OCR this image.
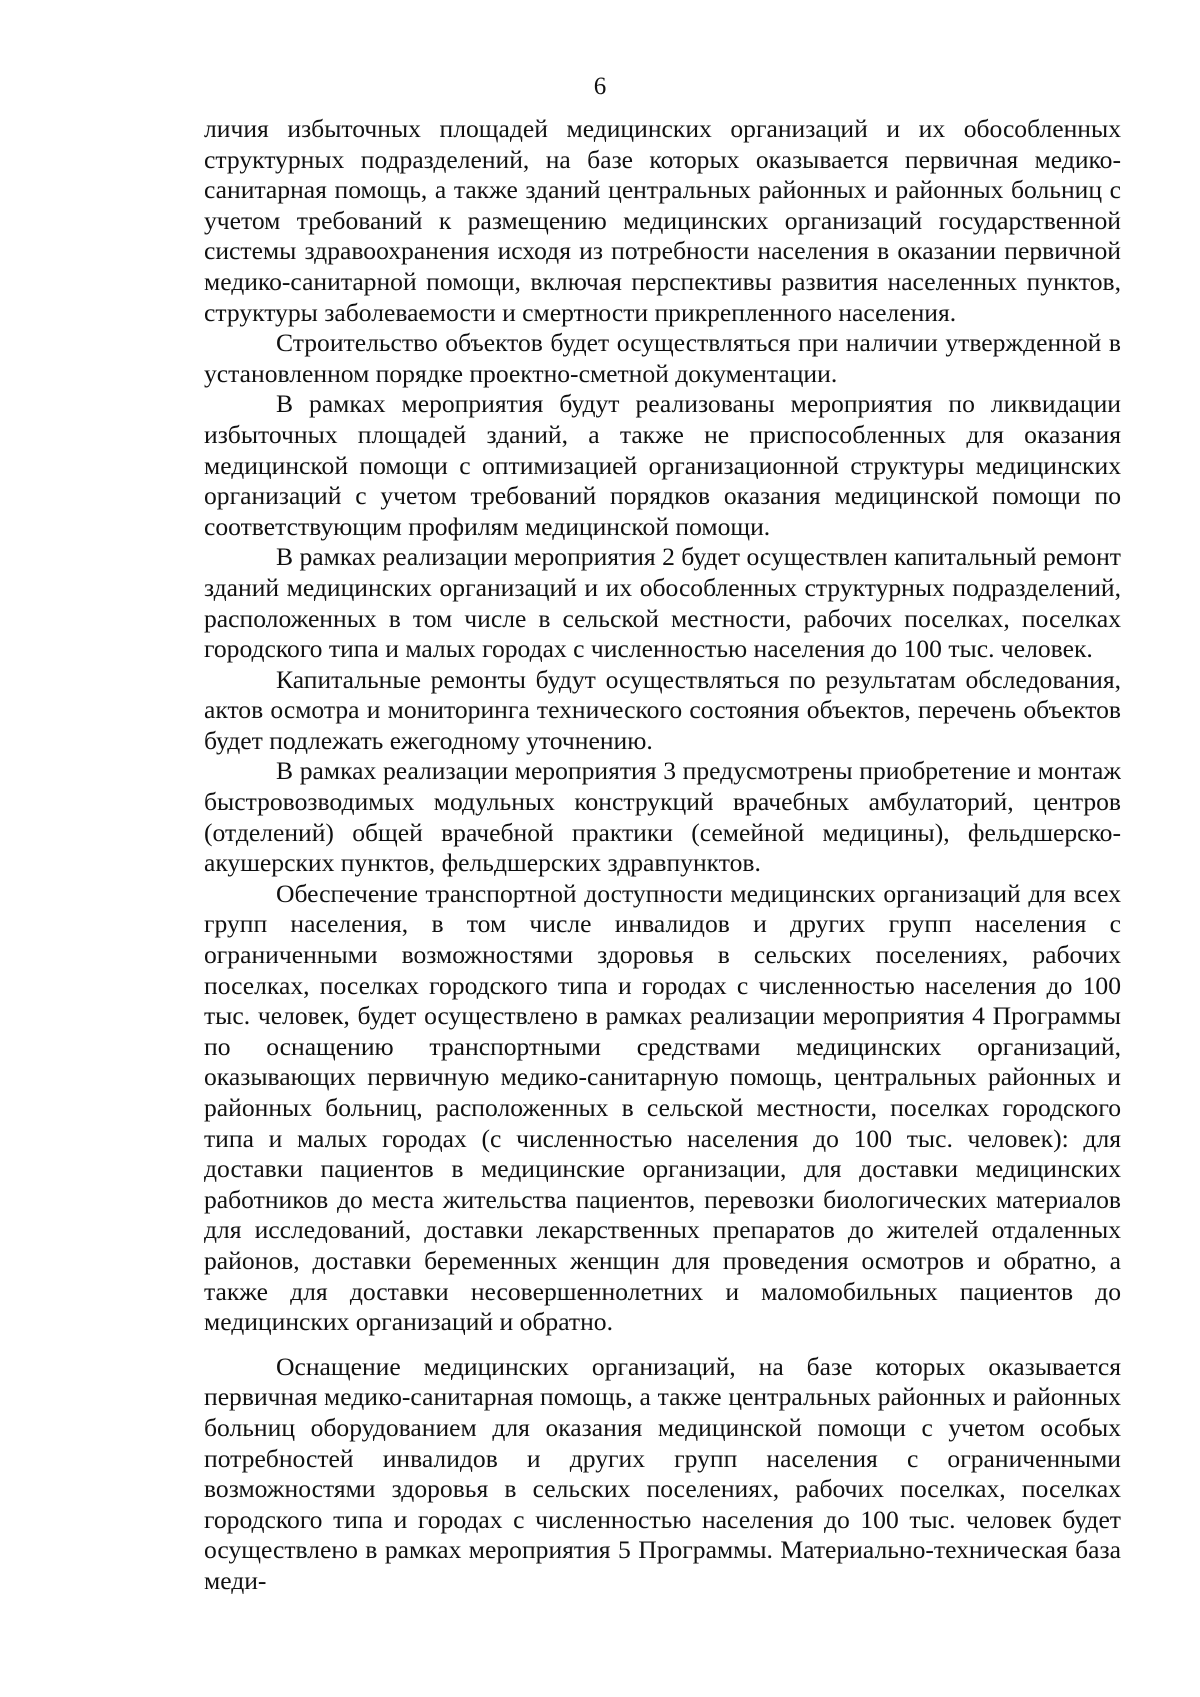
6

личия избыточных площадей медицинских организаций и их обособленных структурных подразделений, на базе которых оказывается первичная медико-санитарная помощь, а также зданий центральных районных и районных больниц с учетом требований к размещению медицинских организаций государственной системы здравоохранения исходя из потребности населения в оказании первичной медико-санитарной помощи, включая перспективы развития населенных пунктов, структуры заболеваемости и смертности прикрепленного населения.

Строительство объектов будет осуществляться при наличии утвержденной в установленном порядке проектно-сметной документации.

В рамках мероприятия будут реализованы мероприятия по ликвидации избыточных площадей зданий, а также не приспособленных для оказания медицинской помощи с оптимизацией организационной структуры медицинских организаций с учетом требований порядков оказания медицинской помощи по соответствующим профилям медицинской помощи.

В рамках реализации мероприятия 2 будет осуществлен капитальный ремонт зданий медицинских организаций и их обособленных структурных подразделений, расположенных в том числе в сельской местности, рабочих поселках, поселках городского типа и малых городах с численностью населения до 100 тыс. человек.

Капитальные ремонты будут осуществляться по результатам обследования, актов осмотра и мониторинга технического состояния объектов, перечень объектов будет подлежать ежегодному уточнению.

В рамках реализации мероприятия 3 предусмотрены приобретение и монтаж быстровозводимых модульных конструкций врачебных амбулаторий, центров (отделений) общей врачебной практики (семейной медицины), фельдшерско-акушерских пунктов, фельдшерских здравпунктов.

Обеспечение транспортной доступности медицинских организаций для всех групп населения, в том числе инвалидов и других групп населения с ограниченными возможностями здоровья в сельских поселениях, рабочих поселках, поселках городского типа и городах с численностью населения до 100 тыс. человек, будет осуществлено в рамках реализации мероприятия 4 Программы по оснащению транспортными средствами медицинских организаций, оказывающих первичную медико-санитарную помощь, центральных районных и районных больниц, расположенных в сельской местности, поселках городского типа и малых городах (с численностью населения до 100 тыс. человек): для доставки пациентов в медицинские организации, для доставки медицинских работников до места жительства пациентов, перевозки биологических материалов для исследований, доставки лекарственных препаратов до жителей отдаленных районов, доставки беременных женщин для проведения осмотров и обратно, а также для доставки несовершеннолетних и маломобильных пациентов до медицинских организаций и обратно.

Оснащение медицинских организаций, на базе которых оказывается первичная медико-санитарная помощь, а также центральных районных и районных больниц оборудованием для оказания медицинской помощи с учетом особых потребностей инвалидов и других групп населения с ограниченными возможностями здоровья в сельских поселениях, рабочих поселках, поселках городского типа и городах с численностью населения до 100 тыс. человек будет осуществлено в рамках мероприятия 5 Программы. Материально-техническая база меди-
